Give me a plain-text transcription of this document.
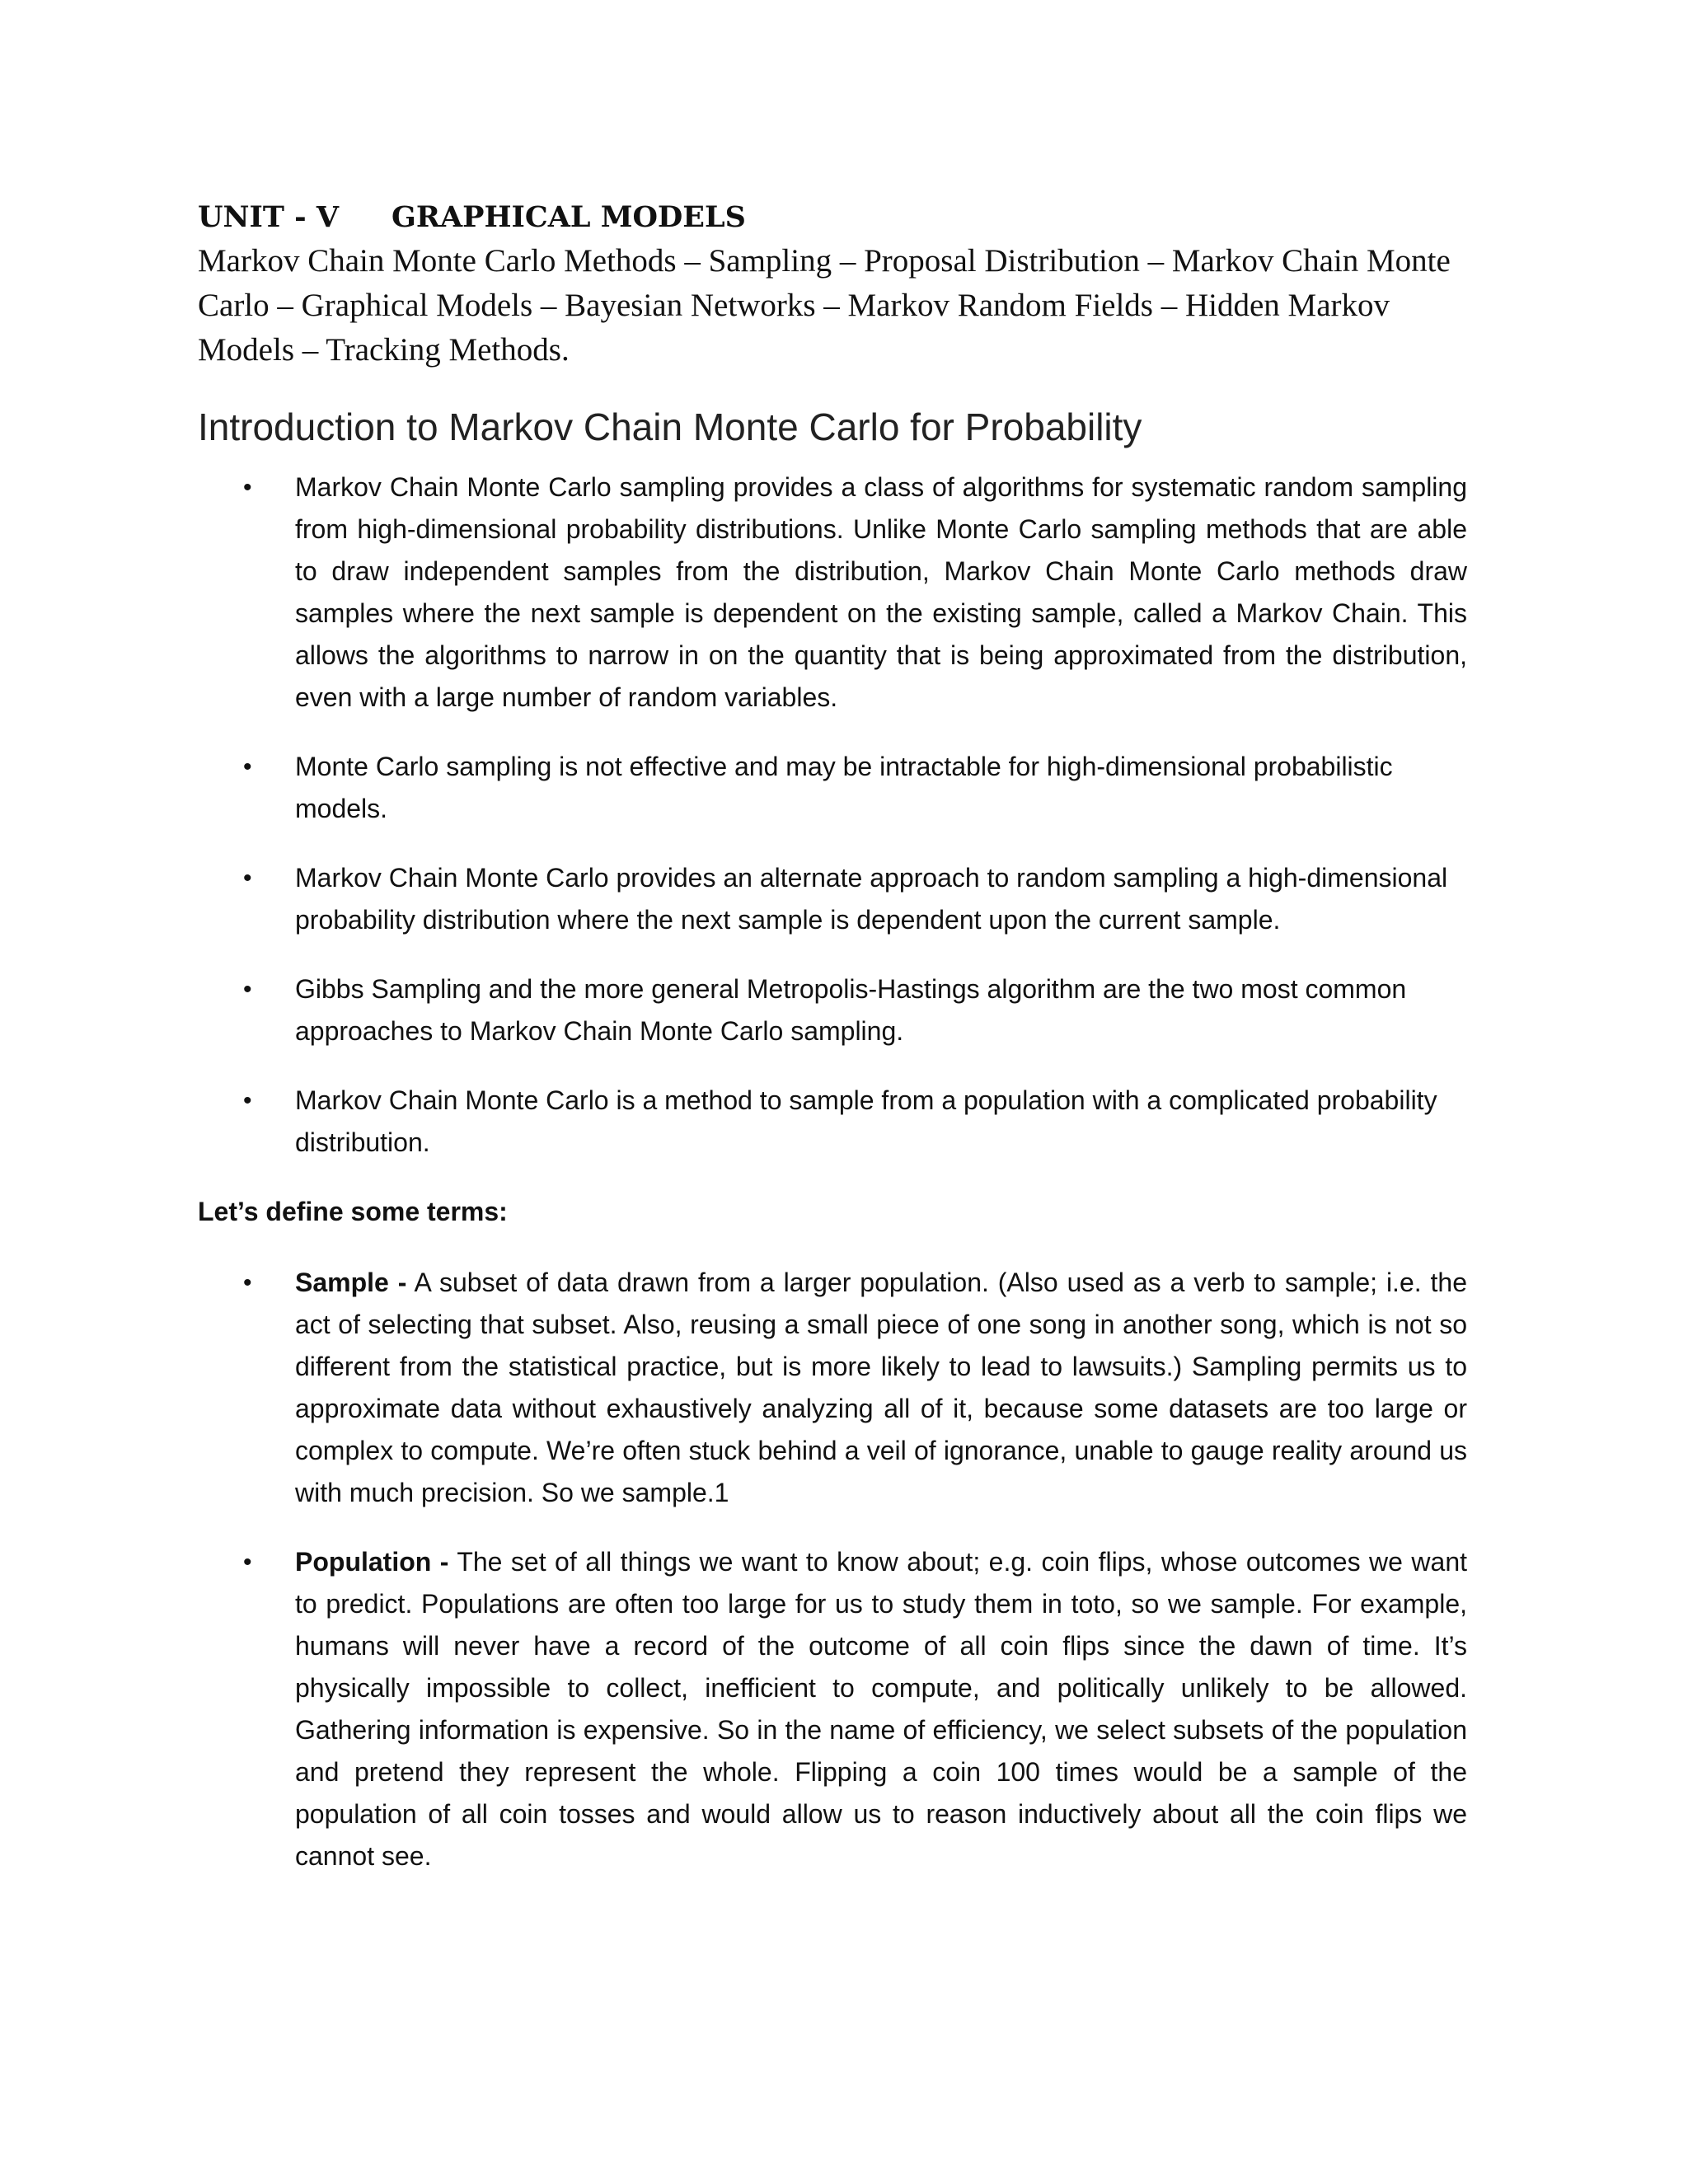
UNIT - V GRAPHICAL MODELS

Markov Chain Monte Carlo Methods – Sampling – Proposal Distribution – Markov Chain Monte Carlo – Graphical Models – Bayesian Networks – Markov Random Fields – Hidden Markov Models – Tracking Methods.

Introduction to Markov Chain Monte Carlo for Probability
• Markov Chain Monte Carlo sampling provides a class of algorithms for systematic random sampling from high-dimensional probability distributions. Unlike Monte Carlo sampling methods that are able to draw independent samples from the distribution, Markov Chain Monte Carlo methods draw samples where the next sample is dependent on the existing sample, called a Markov Chain. This allows the algorithms to narrow in on the quantity that is being approximated from the distribution, even with a large number of random variables.
• Monte Carlo sampling is not effective and may be intractable for high-dimensional probabilistic models.
• Markov Chain Monte Carlo provides an alternate approach to random sampling a high-dimensional probability distribution where the next sample is dependent upon the current sample.
• Gibbs Sampling and the more general Metropolis-Hastings algorithm are the two most common approaches to Markov Chain Monte Carlo sampling.
• Markov Chain Monte Carlo is a method to sample from a population with a complicated probability distribution.

Let’s define some terms:

• Sample - A subset of data drawn from a larger population. (Also used as a verb to sample; i.e. the act of selecting that subset. Also, reusing a small piece of one song in another song, which is not so different from the statistical practice, but is more likely to lead to lawsuits.) Sampling permits us to approximate data without exhaustively analyzing all of it, because some datasets are too large or complex to compute. We’re often stuck behind a veil of ignorance, unable to gauge reality around us with much precision. So we sample.1
• Population - The set of all things we want to know about; e.g. coin flips, whose outcomes we want to predict. Populations are often too large for us to study them in toto, so we sample. For example, humans will never have a record of the outcome of all coin flips since the dawn of time. It’s physically impossible to collect, inefficient to compute, and politically unlikely to be allowed. Gathering information is expensive. So in the name of efficiency, we select subsets of the population and pretend they represent the whole. Flipping a coin 100 times would be a sample of the population of all coin tosses and would allow us to reason inductively about all the coin flips we cannot see.
